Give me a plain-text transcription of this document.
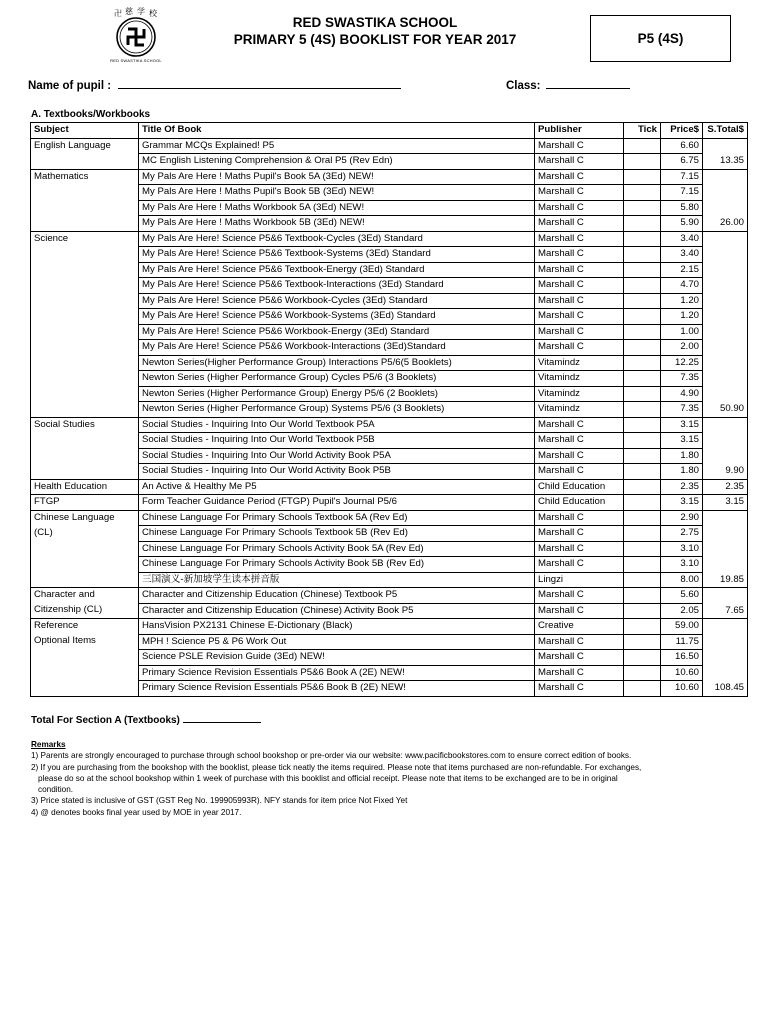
卍 慈 学 校
RED SWASTIKA SCHOOL
RED SWASTIKA SCHOOL
PRIMARY 5 (4S) BOOKLIST FOR YEAR 2017	P5 (4S)
Name of pupil :	Class:
A. Textbooks/Workbooks
Subject	Title Of Book	Publisher	Tick	Price$	S.Total$
English Language	Grammar MCQs Explained! P5	Marshall C		6.60	
	MC English Listening Comprehension & Oral P5 (Rev Edn)	Marshall C		6.75	13.35
Mathematics	My Pals Are Here ! Maths Pupil's Book 5A (3Ed) NEW!	Marshall C		7.15	
	My Pals Are Here ! Maths Pupil's Book 5B (3Ed) NEW!	Marshall C		7.15	
	My Pals Are Here ! Maths Workbook 5A (3Ed) NEW!	Marshall C		5.80	
	My Pals Are Here ! Maths Workbook 5B (3Ed) NEW!	Marshall C		5.90	26.00
Science	My Pals Are Here! Science P5&6 Textbook-Cycles (3Ed) Standard	Marshall C		3.40	
	My Pals Are Here! Science P5&6 Textbook-Systems (3Ed) Standard	Marshall C		3.40	
	My Pals Are Here! Science P5&6 Textbook-Energy (3Ed) Standard	Marshall C		2.15	
	My Pals Are Here! Science P5&6 Textbook-Interactions (3Ed) Standard	Marshall C		4.70	
	My Pals Are Here! Science P5&6 Workbook-Cycles (3Ed) Standard	Marshall C		1.20	
	My Pals Are Here! Science P5&6 Workbook-Systems (3Ed) Standard	Marshall C		1.20	
	My Pals Are Here! Science P5&6 Workbook-Energy (3Ed) Standard	Marshall C		1.00	
	My Pals Are Here! Science P5&6 Workbook-Interactions (3Ed)Standard	Marshall C		2.00	
	Newton Series(Higher Performance Group) Interactions P5/6(5 Booklets)	Vitamindz		12.25	
	Newton Series (Higher Performance Group) Cycles P5/6 (3 Booklets)	Vitamindz		7.35	
	Newton Series (Higher Performance Group) Energy P5/6 (2 Booklets)	Vitamindz		4.90	
	Newton Series (Higher Performance Group) Systems P5/6 (3 Booklets)	Vitamindz		7.35	50.90
Social Studies	Social Studies - Inquiring Into Our World Textbook P5A	Marshall C		3.15	
	Social Studies - Inquiring Into Our World Textbook P5B	Marshall C		3.15	
	Social Studies - Inquiring Into Our World Activity Book P5A	Marshall C		1.80	
	Social Studies - Inquiring Into Our World Activity Book P5B	Marshall C		1.80	9.90
Health Education	An Active & Healthy Me P5	Child Education		2.35	2.35
FTGP	Form Teacher Guidance Period (FTGP) Pupil's Journal P5/6	Child Education		3.15	3.15
Chinese Language	Chinese Language For Primary Schools Textbook 5A (Rev Ed)	Marshall C		2.90	
(CL)	Chinese Language For Primary Schools Textbook 5B (Rev Ed)	Marshall C		2.75	
	Chinese Language For Primary Schools Activity Book 5A (Rev Ed)	Marshall C		3.10	
	Chinese Language For Primary Schools Activity Book 5B (Rev Ed)	Marshall C		3.10	
	三国演义-新加坡学生读本拼音版	Lingzi		8.00	19.85
Character and	Character and Citizenship Education (Chinese) Textbook P5	Marshall C		5.60	
Citizenship (CL)	Character and Citizenship Education (Chinese) Activity Book P5	Marshall C		2.05	7.65
Reference	HansVision PX2131 Chinese E-Dictionary (Black)	Creative		59.00	
Optional Items	MPH ! Science P5 & P6 Work Out	Marshall C		11.75	
	Science PSLE Revision Guide (3Ed) NEW!	Marshall C		16.50	
	Primary Science Revision Essentials P5&6 Book A (2E) NEW!	Marshall C		10.60	
	Primary Science Revision Essentials P5&6 Book B (2E) NEW!	Marshall C		10.60	108.45
Total For Section A (Textbooks)
Remarks
1) Parents are strongly encouraged to purchase through school bookshop or pre-order via our website: www.pacificbookstores.com to ensure correct edition of books.
2) If you are purchasing from the bookshop with the booklist, please tick neatly the items required. Please note that items purchased are non-refundable. For exchanges,
please do so at the school bookshop within 1 week of purchase with this booklist and official receipt. Please note that items to be exchanged are to be in original
condition.
3) Price stated is inclusive of GST (GST Reg No. 199905993R). NFY stands for item price Not Fixed Yet
4) @ denotes books final year used by MOE in year 2017.
